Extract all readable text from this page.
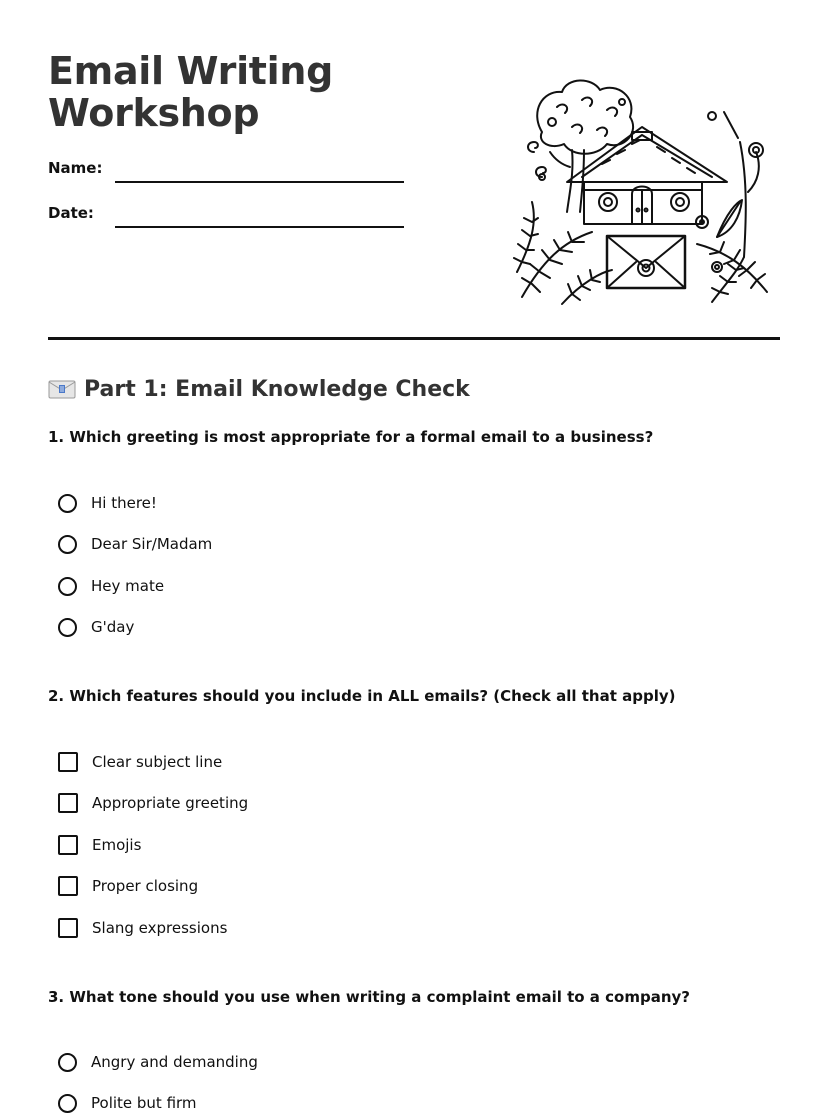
Email Writing
Workshop
Name:
Date:
Part 1: Email Knowledge Check
1. Which greeting is most appropriate for a formal email to a business?
Hi there!
Dear Sir/Madam
Hey mate
G'day
2. Which features should you include in ALL emails? (Check all that apply)
Clear subject line
Appropriate greeting
Emojis
Proper closing
Slang expressions
3. What tone should you use when writing a complaint email to a company?
Angry and demanding
Polite but firm
